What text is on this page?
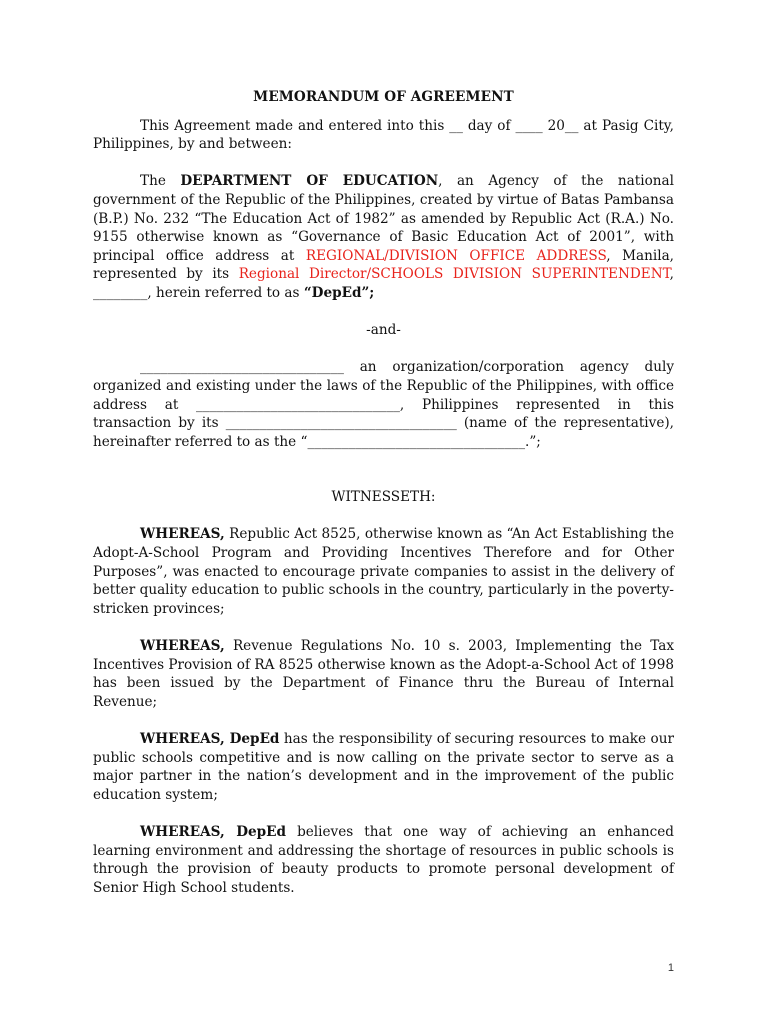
MEMORANDUM OF AGREEMENT

This Agreement made and entered into this __ day of ____ 20__ at Pasig City, Philippines, by and between:

The DEPARTMENT OF EDUCATION, an Agency of the national government of the Republic of the Philippines, created by virtue of Batas Pambansa (B.P.) No. 232 “The Education Act of 1982” as amended by Republic Act (R.A.) No. 9155 otherwise known as “Governance of Basic Education Act of 2001”, with principal office address at REGIONAL/DIVISION OFFICE ADDRESS, Manila, represented by its Regional Director/SCHOOLS DIVISION SUPERINTENDENT, ________, herein referred to as “DepEd”;

-and-

______________________________ an organization/corporation agency duly organized and existing under the laws of the Republic of the Philippines, with office address at ______________________________, Philippines represented in this transaction by its __________________________________ (name of the representative), hereinafter referred to as the “________________________________.”;

WITNESSETH:

WHEREAS, Republic Act 8525, otherwise known as “An Act Establishing the Adopt-A-School Program and Providing Incentives Therefore and for Other Purposes”, was enacted to encourage private companies to assist in the delivery of better quality education to public schools in the country, particularly in the poverty-stricken provinces;

WHEREAS, Revenue Regulations No. 10 s. 2003, Implementing the Tax Incentives Provision of RA 8525 otherwise known as the Adopt-a-School Act of 1998 has been issued by the Department of Finance thru the Bureau of Internal Revenue;

WHEREAS, DepEd has the responsibility of securing resources to make our public schools competitive and is now calling on the private sector to serve as a major partner in the nation’s development and in the improvement of the public education system;

WHEREAS, DepEd believes that one way of achieving an enhanced learning environment and addressing the shortage of resources in public schools is through the provision of beauty products to promote personal development of Senior High School students.

1
